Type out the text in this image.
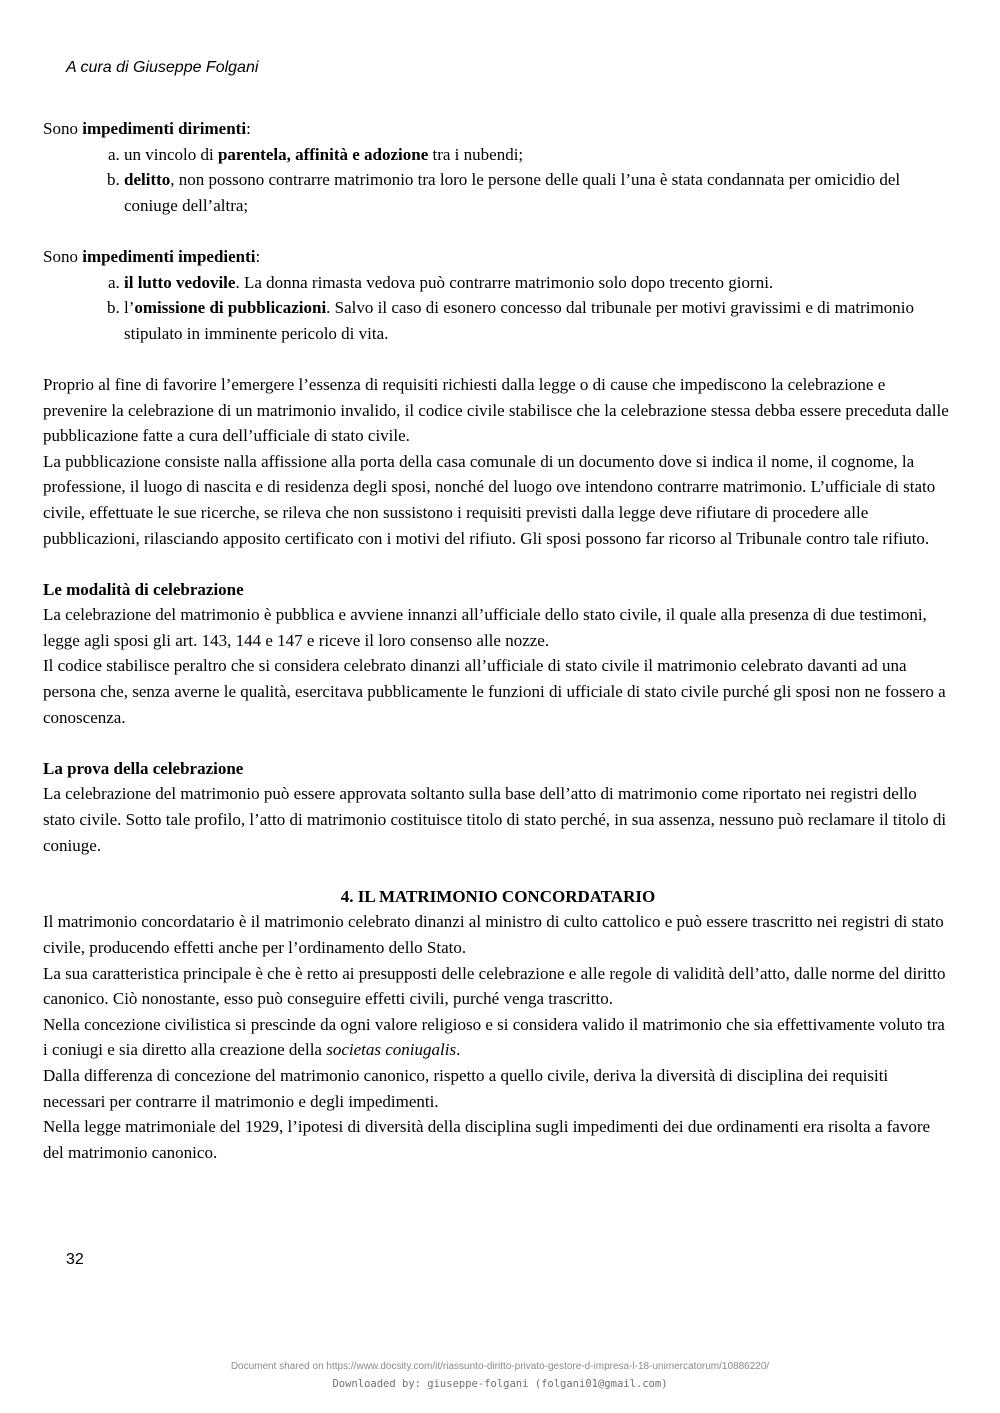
A cura di Giuseppe Folgani

Sono impedimenti dirimenti:

a. un vincolo di parentela, affinità e adozione tra i nubendi;
b. delitto, non possono contrarre matrimonio tra loro le persone delle quali l’una è stata condannata per omicidio del coniuge dell’altra;

Sono impedimenti impedienti:

a. il lutto vedovile. La donna rimasta vedova può contrarre matrimonio solo dopo trecento giorni.
b. l’omissione di pubblicazioni. Salvo il caso di esonero concesso dal tribunale per motivi gravissimi e di matrimonio stipulato in imminente pericolo di vita.

Proprio al fine di favorire l’emergere l’essenza di requisiti richiesti dalla legge o di cause che impediscono la celebrazione e prevenire la celebrazione di un matrimonio invalido, il codice civile stabilisce che la celebrazione stessa debba essere preceduta dalle pubblicazione fatte a cura dell’ufficiale di stato civile.

La pubblicazione consiste nalla affissione alla porta della casa comunale di un documento dove si indica il nome, il cognome, la professione, il luogo di nascita e di residenza degli sposi, nonché del luogo ove intendono contrarre matrimonio. L’ufficiale di stato civile, effettuate le sue ricerche, se rileva che non sussistono i requisiti previsti dalla legge deve rifiutare di procedere alle pubblicazioni, rilasciando apposito certificato con i motivi del rifiuto. Gli sposi possono far ricorso al Tribunale contro tale rifiuto.

Le modalità di celebrazione

La celebrazione del matrimonio è pubblica e avviene innanzi all’ufficiale dello stato civile, il quale alla presenza di due testimoni, legge agli sposi gli art. 143, 144 e 147 e riceve il loro consenso alle nozze.

Il codice stabilisce peraltro che si considera celebrato dinanzi all’ufficiale di stato civile il matrimonio celebrato davanti ad una persona che, senza averne le qualità, esercitava pubblicamente le funzioni di ufficiale di stato civile purché gli sposi non ne fossero a conoscenza.

La prova della celebrazione

La celebrazione del matrimonio può essere approvata soltanto sulla base dell’atto di matrimonio come riportato nei registri dello stato civile. Sotto tale profilo, l’atto di matrimonio costituisce titolo di stato perché, in sua assenza, nessuno può reclamare il titolo di coniuge.

4. IL MATRIMONIO CONCORDATARIO

Il matrimonio concordatario è il matrimonio celebrato dinanzi al ministro di culto cattolico e può essere trascritto nei registri di stato civile, producendo effetti anche per l’ordinamento dello Stato.

La sua caratteristica principale è che è retto ai presupposti delle celebrazione e alle regole di validità dell’atto, dalle norme del diritto canonico. Ciò nonostante, esso può conseguire effetti civili, purché venga trascritto.

Nella concezione civilistica si prescinde da ogni valore religioso e si considera valido il matrimonio che sia effettivamente voluto tra i coniugi e sia diretto alla creazione della societas coniugalis.

Dalla differenza di concezione del matrimonio canonico, rispetto a quello civile, deriva la diversità di disciplina dei requisiti necessari per contrarre il matrimonio e degli impedimenti.

Nella legge matrimoniale del 1929, l’ipotesi di diversità della disciplina sugli impedimenti dei due ordinamenti era risolta a favore del matrimonio canonico.

32
Document shared on https://www.docsity.com/it/riassunto-diritto-privato-gestore-d-impresa-l-18-unimercatorum/10886220/
Downloaded by: giuseppe-folgani (folgani01@gmail.com)
